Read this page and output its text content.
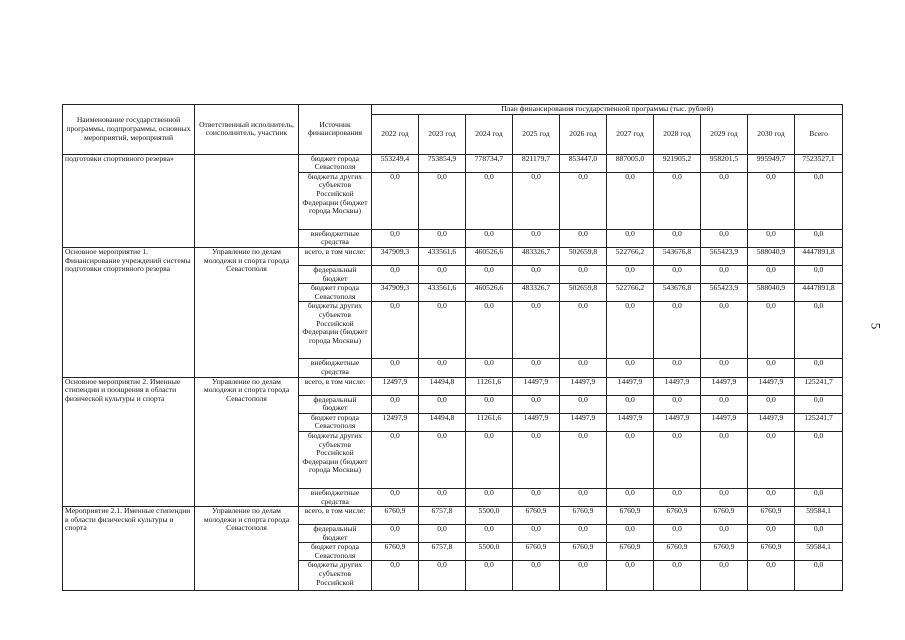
Наименование государственной программы, подпрограммы, основных мероприятий, мероприятий	Ответственный исполнитель, соисполнитель, участник	Источник финансирования	План финансирования государственной программы (тыс. рублей)									
			2022 год	2023 год	2024 год	2025 год	2026 год	2027 год	2028 год	2029 год	2030 год	Всего
подготовки спортивного резерва»		бюджет города Севастополя	553249,4	753854,9	778734,7	821179,7	853447,0	887005,0	921905,2	958201,5	995949,7	7523527,1
		бюджеты других субъектов Российской Федерации (бюджет города Москвы)	0,0	0,0	0,0	0,0	0,0	0,0	0,0	0,0	0,0	0,0
		внебюджетные средства	0,0	0,0	0,0	0,0	0,0	0,0	0,0	0,0	0,0	0,0
Основное мероприятие 1. Финансирование учреждений системы подготовки спортивного резерва	Управление по делам молодежи и спорта города Севастополя	всего, в том числе:	347909,3	433561,6	460526,6	483326,7	502659,8	522766,2	543676,8	565423,9	588040,9	4447891,8
		федеральный бюджет	0,0	0,0	0,0	0,0	0,0	0,0	0,0	0,0	0,0	0,0
		бюджет города Севастополя	347909,3	433561,6	460526,6	483326,7	502659,8	522766,2	543676,8	565423,9	588040,9	4447891,8
		бюджеты других субъектов Российской Федерации (бюджет города Москвы)	0,0	0,0	0,0	0,0	0,0	0,0	0,0	0,0	0,0	0,0
		внебюджетные средства	0,0	0,0	0,0	0,0	0,0	0,0	0,0	0,0	0,0	0,0
Основное мероприятие 2. Именные стипендии и поощрения в области физической культуры и спорта	Управление по делам молодежи и спорта города Севастополя	всего, в том числе:	12497,9	14494,8	11261,6	14497,9	14497,9	14497,9	14497,9	14497,9	14497,9	125241,7
		федеральный бюджет	0,0	0,0	0,0	0,0	0,0	0,0	0,0	0,0	0,0	0,0
		бюджет города Севастополя	12497,9	14494,8	11261,6	14497,9	14497,9	14497,9	14497,9	14497,9	14497,9	125241,7
		бюджеты других субъектов Российской Федерации (бюджет города Москвы)	0,0	0,0	0,0	0,0	0,0	0,0	0,0	0,0	0,0	0,0
		внебюджетные средства	0,0	0,0	0,0	0,0	0,0	0,0	0,0	0,0	0,0	0,0
Мероприятие 2.1. Именные стипендии в области физической культуры и спорта	Управление по делам молодежи и спорта города Севастополя	всего, в том числе:	6760,9	6757,8	5500,0	6760,9	6760,9	6760,9	6760,9	6760,9	6760,9	59584,1
		федеральный бюджет	0,0	0,0	0,0	0,0	0,0	0,0	0,0	0,0	0,0	0,0
		бюджет города Севастополя	6760,9	6757,8	5500,0	6760,9	6760,9	6760,9	6760,9	6760,9	6760,9	59584,1
		бюджеты других субъектов Российской	0,0	0,0	0,0	0,0	0,0	0,0	0,0	0,0	0,0	0,0
5
